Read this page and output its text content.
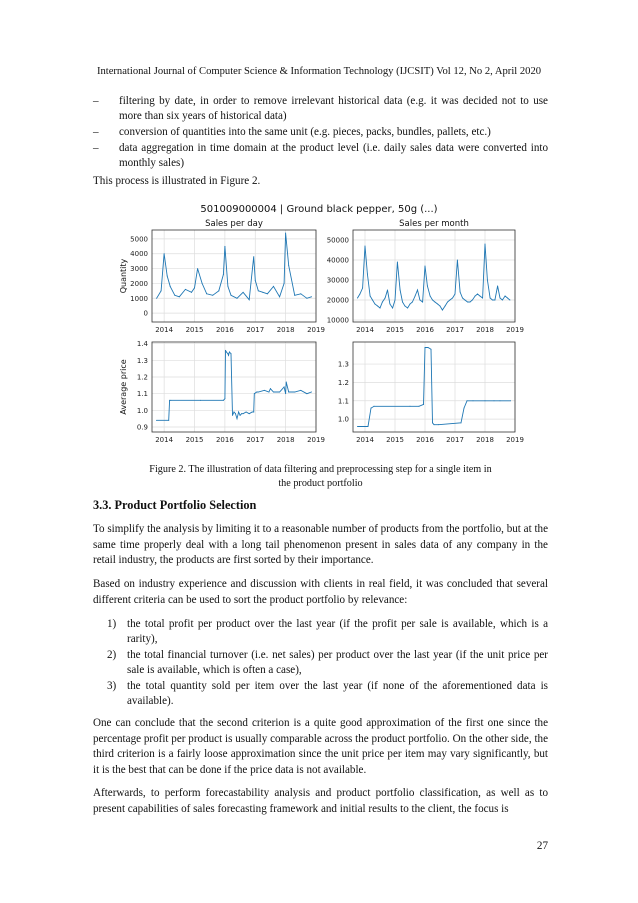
International Journal of Computer Science & Information Technology (IJCSIT) Vol 12, No 2, April 2020
– filtering by date, in order to remove irrelevant historical data (e.g. it was decided not to use more than six years of historical data)
– conversion of quantities into the same unit (e.g. pieces, packs, bundles, pallets, etc.)
– data aggregation in time domain at the product level (i.e. daily sales data were converted into monthly sales)
This process is illustrated in Figure 2.
501009000004 | Ground black pepper, 50g (...)
2014 2015 2016 2017 2018 2019
0
1000
2000
3000
4000
5000
Sales per day
Quantity
2014 2015 2016 2017 2018 2019
10000
20000
30000
40000
50000
Sales per month
2014 2015 2016 2017 2018 2019
0.9
1.0
1.1
1.2
1.3
1.4
Average price
2014 2015 2016 2017 2018 2019
1.0
1.1
1.2
1.3
Figure 2. The illustration of data filtering and preprocessing step for a single item in
the product portfolio
3.3. Product Portfolio Selection
To simplify the analysis by limiting it to a reasonable number of products from the portfolio, but at the same time properly deal with a long tail phenomenon present in sales data of any company in the retail industry, the products are first sorted by their importance.
Based on industry experience and discussion with clients in real field, it was concluded that several different criteria can be used to sort the product portfolio by relevance:
1) the total profit per product over the last year (if the profit per sale is available, which is a rarity),
2) the total financial turnover (i.e. net sales) per product over the last year (if the unit price per sale is available, which is often a case),
3) the total quantity sold per item over the last year (if none of the aforementioned data is available).
One can conclude that the second criterion is a quite good approximation of the first one since the percentage profit per product is usually comparable across the product portfolio. On the other side, the third criterion is a fairly loose approximation since the unit price per item may vary significantly, but it is the best that can be done if the price data is not available.
Afterwards, to perform forecastability analysis and product portfolio classification, as well as to present capabilities of sales forecasting framework and initial results to the client, the focus is
27
